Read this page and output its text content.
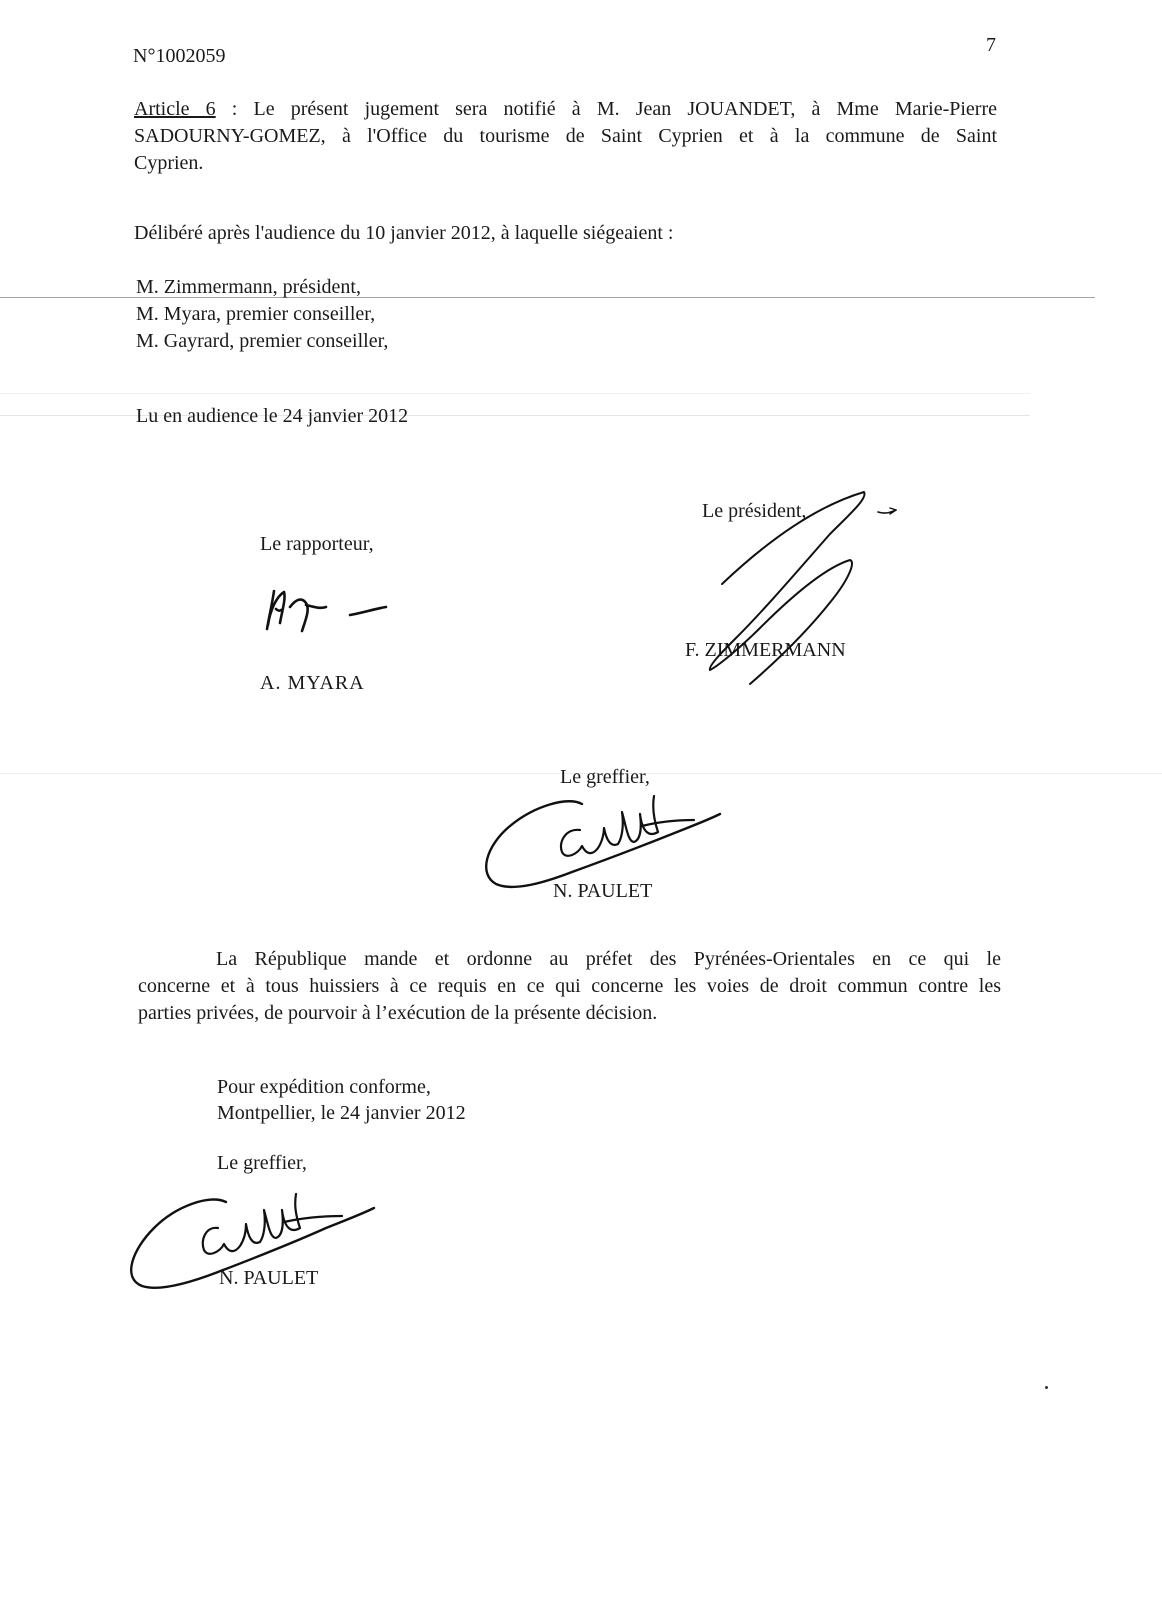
N°1002059	7
Article 6 : Le présent jugement sera notifié à M. Jean JOUANDET, à Mme Marie-Pierre
SADOURNY-GOMEZ, à l'Office du tourisme de Saint Cyprien et à la commune de Saint
Cyprien.
Délibéré après l'audience du 10 janvier 2012, à laquelle siégeaient :
M. Zimmermann, président,
M. Myara, premier conseiller,
M. Gayrard, premier conseiller,
Lu en audience le 24 janvier 2012
Le rapporteur,
A. MYARA
Le président,
F. ZIMMERMANN
Le greffier,
N. PAULET
La République mande et ordonne au préfet des Pyrénées-Orientales en ce qui le
concerne et à tous huissiers à ce requis en ce qui concerne les voies de droit commun contre les
parties privées, de pourvoir à l’exécution de la présente décision.
Pour expédition conforme,
Montpellier, le 24 janvier 2012
Le greffier,
N. PAULET
